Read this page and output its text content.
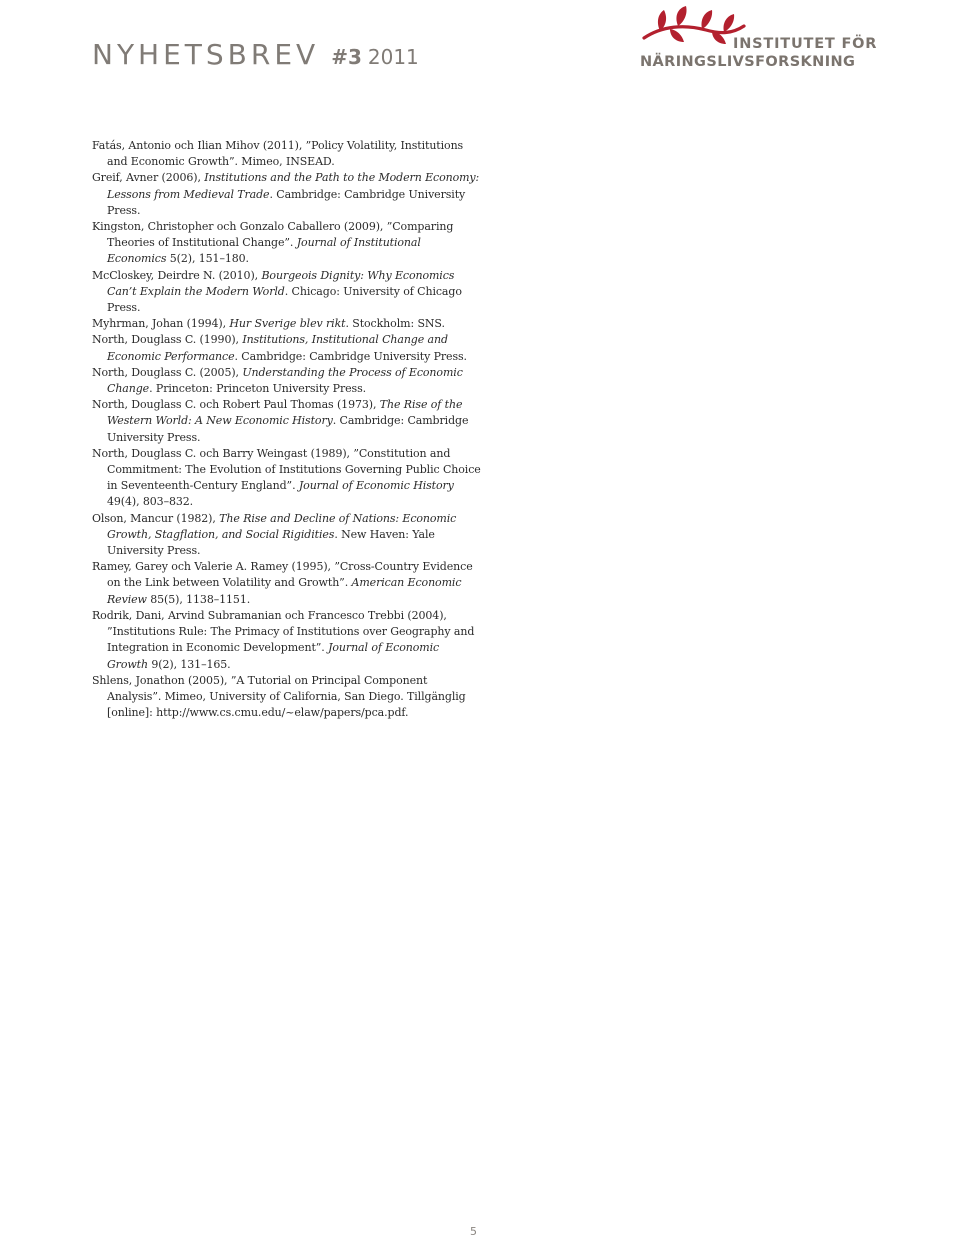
NYHETSBREV #3 2011
INSTITUTET FÖR
NÄRINGSLIVSFORSKNING

Fatás, Antonio och Ilian Mihov (2011), ”Policy Volatility, Institutions and Economic Growth”. Mimeo, INSEAD.

Greif, Avner (2006), Institutions and the Path to the Modern Economy: Lessons from Medieval Trade. Cambridge: Cambridge University Press.

Kingston, Christopher och Gonzalo Caballero (2009), ”Comparing Theories of Institutional Change”. Journal of Institutional Economics 5(2), 151–180.

McCloskey, Deirdre N. (2010), Bourgeois Dignity: Why Economics Can’t Explain the Modern World. Chicago: University of Chicago Press.

Myhrman, Johan (1994), Hur Sverige blev rikt. Stockholm: SNS.

North, Douglass C. (1990), Institutions, Institutional Change and Economic Performance. Cambridge: Cambridge University Press.

North, Douglass C. (2005), Understanding the Process of Economic Change. Princeton: Princeton University Press.

North, Douglass C. och Robert Paul Thomas (1973), The Rise of the Western World: A New Economic History. Cambridge: Cambridge University Press.

North, Douglass C. och Barry Weingast (1989), ”Constitution and Commitment: The Evolution of Institutions Governing Public Choice in Seventeenth-Century England”. Journal of Economic History 49(4), 803–832.

Olson, Mancur (1982), The Rise and Decline of Nations: Economic Growth, Stagflation, and Social Rigidities. New Haven: Yale University Press.

Ramey, Garey och Valerie A. Ramey (1995), ”Cross-Country Evidence on the Link between Volatility and Growth”. American Economic Review 85(5), 1138–1151.

Rodrik, Dani, Arvind Subramanian och Francesco Trebbi (2004), ”Institutions Rule: The Primacy of Institutions over Geography and Integration in Economic Development”. Journal of Economic Growth 9(2), 131–165.

Shlens, Jonathon (2005), ”A Tutorial on Principal Component Analysis”. Mimeo, University of California, San Diego. Tillgänglig [online]: http://www.cs.cmu.edu/~elaw/papers/pca.pdf.

5
